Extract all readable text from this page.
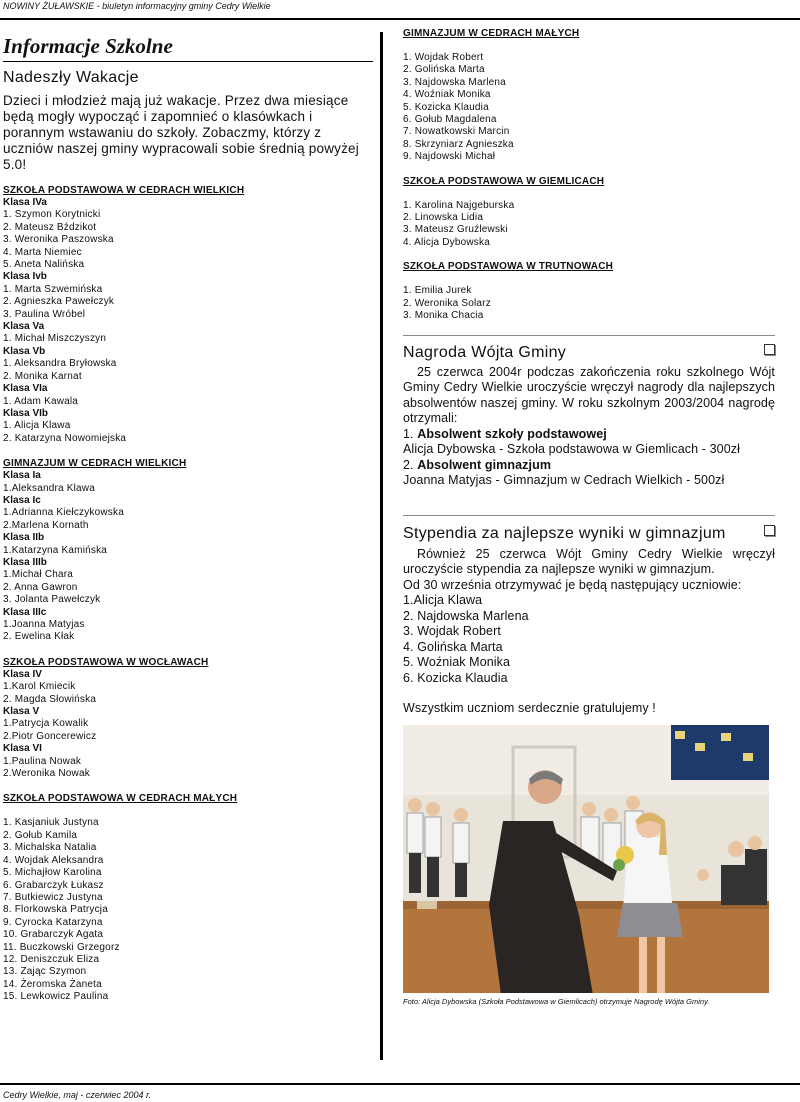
NOWINY ŻUŁAWSKIE - biuletyn informacyjny gminy Cedry Wielkie
Informacje Szkolne
Nadeszły Wakacje

Dzieci i młodzież mają już wakacje. Przez dwa miesiące będą mogły wypocząć i zapomnieć o klasówkach i porannym wstawaniu do szkoły. Zobaczmy, którzy z uczniów naszej gminy wypracowali sobie średnią powyżej 5.0!

SZKOŁA PODSTAWOWA W CEDRACH WIELKICH
Klasa IVa
1. Szymon Korytnicki
2. Mateusz Bździkot
3. Weronika Paszowska
4. Marta Niemiec
5. Aneta Nalińska
Klasa Ivb
1. Marta Szwemińska
2. Agnieszka Pawełczyk
3. Paulina Wróbel
Klasa Va
1. Michał Miszczyszyn
Klasa Vb
1. Aleksandra Bryłowska
2. Monika Karnat
Klasa VIa
1. Adam Kawala
Klasa VIb
1. Alicja Klawa
2. Katarzyna Nowomiejska
GIMNAZJUM W CEDRACH WIELKICH
Klasa Ia
1.Aleksandra Klawa
Klasa Ic
1.Adrianna Kiełczykowska
2.Marlena Kornath
Klasa IIb
1.Katarzyna Kamińska
Klasa IIIb
1.Michał Chara
2. Anna Gawron
3. Jolanta Pawełczyk
Klasa IIIc
1.Joanna Matyjas
2. Ewelina Kłak
SZKOŁA PODSTAWOWA W WOCŁAWACH
Klasa IV
1.Karol Kmiecik
2. Magda Słowińska
Klasa V
1.Patrycja Kowalik
2.Piotr Goncerewicz
Klasa VI
1.Paulina Nowak
2.Weronika Nowak
SZKOŁA PODSTAWOWA W CEDRACH MAŁYCH
1. Kasjaniuk Justyna
2. Gołub Kamila
3. Michalska Natalia
4. Wojdak Aleksandra
5. Michajłow Karolina
6. Grabarczyk Łukasz
7. Butkiewicz Justyna
8. Florkowska Patrycja
9. Cyrocka Katarzyna
10. Grabarczyk Agata
11. Buczkowski Grzegorz
12. Deniszczuk Eliza
13. Zając Szymon
14. Żeromska Żaneta
15. Lewkowicz Paulina
GIMNAZJUM W CEDRACH MAŁYCH
1. Wojdak Robert
2. Golińska Marta
3. Najdowska Marlena
4. Woźniak Monika
5. Kozicka Klaudia
6. Gołub Magdalena
7. Nowatkowski Marcin
8. Skrzyniarz Agnieszka
9. Najdowski Michał
SZKOŁA PODSTAWOWA W GIEMLICACH
1. Karolina Najgeburska
2. Linowska Lidia
3. Mateusz Gruźlewski
4. Alicja Dybowska
SZKOŁA PODSTAWOWA W TRUTNOWACH
1. Emilia Jurek
2. Weronika Solarz
3. Monika Chacia
Nagroda Wójta Gminy

25 czerwca 2004r podczas zakończenia roku szkolnego Wójt Gminy Cedry Wielkie uroczyście wręczył nagrody dla najlepszych absolwentów naszej gminy. W roku szkolnym 2003/2004 nagrodę otrzymali:

1. Absolwent szkoły podstawowej

Alicja Dybowska - Szkoła podstawowa w Giemlicach - 300zł

2. Absolwent gimnazjum

Joanna Matyjas - Gimnazjum w Cedrach Wielkich - 500zł

Stypendia za najlepsze wyniki w gimnazjum

Również 25 czerwca Wójt Gminy Cedry Wielkie wręczył uroczyście stypendia za najlepsze wyniki w gimnazjum.

Od 30 września otrzymywać je będą następujący uczniowie:

1.Alicja Klawa

2. Najdowska Marlena

3. Wojdak Robert

4. Golińska Marta

5. Woźniak Monika

6. Kozicka Klaudia

Wszystkim uczniom serdecznie gratulujemy !

Foto: Alicja Dybowska (Szkoła Podstawowa w Giemlicach) otrzymuje Nagrodę Wójta Gminy.
Cedry Wielkie, maj - czerwiec 2004 r.
